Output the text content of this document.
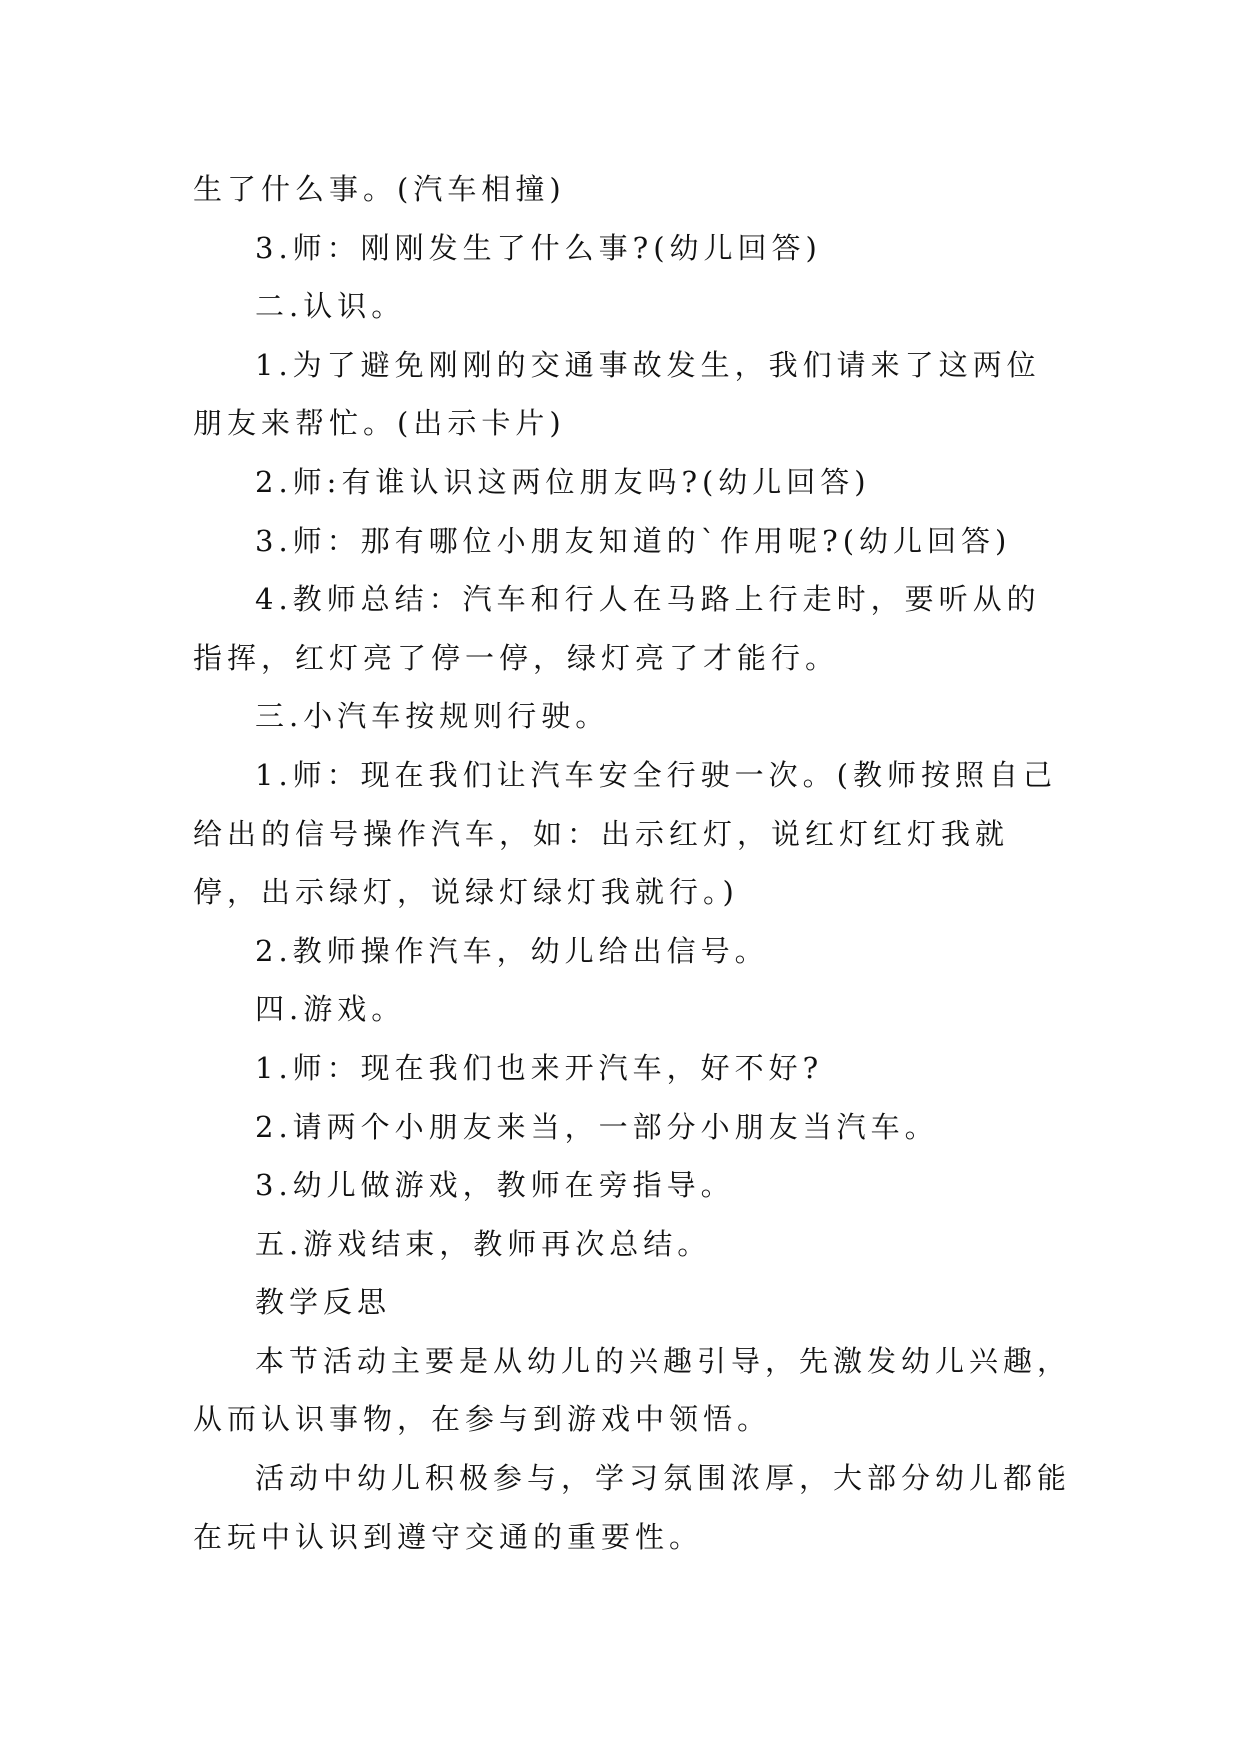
生了什么事。(汽车相撞)

3.师：刚刚发生了什么事?(幼儿回答)

二.认识。

1.为了避免刚刚的交通事故发生，我们请来了这两位朋友来帮忙。(出示卡片)

2.师:有谁认识这两位朋友吗?(幼儿回答)

3.师：那有哪位小朋友知道的`作用呢?(幼儿回答)

4.教师总结：汽车和行人在马路上行走时，要听从的指挥，红灯亮了停一停，绿灯亮了才能行。

三.小汽车按规则行驶。

1.师：现在我们让汽车安全行驶一次。(教师按照自己给出的信号操作汽车，如：出示红灯，说红灯红灯我就停，出示绿灯，说绿灯绿灯我就行。)

2.教师操作汽车，幼儿给出信号。

四.游戏。

1.师：现在我们也来开汽车，好不好?

2.请两个小朋友来当，一部分小朋友当汽车。

3.幼儿做游戏，教师在旁指导。

五.游戏结束，教师再次总结。

教学反思

本节活动主要是从幼儿的兴趣引导，先激发幼儿兴趣，从而认识事物，在参与到游戏中领悟。

活动中幼儿积极参与，学习氛围浓厚，大部分幼儿都能在玩中认识到遵守交通的重要性。
